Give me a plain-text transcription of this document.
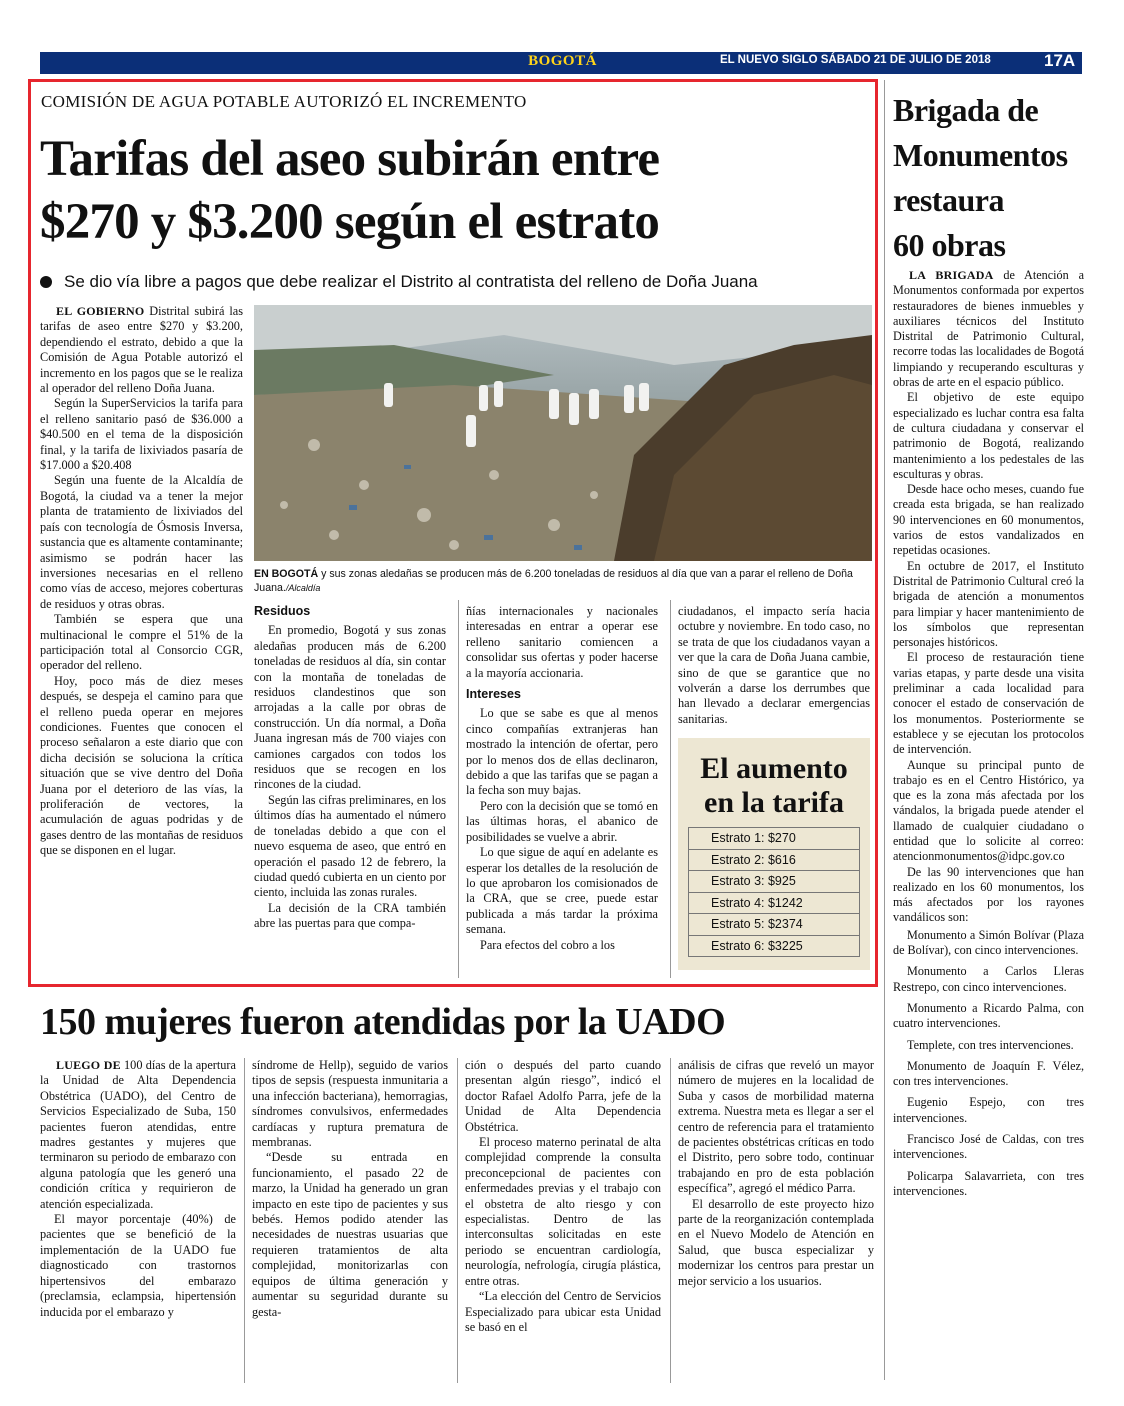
BOGOTÁ	EL NUEVO SIGLO SÁBADO 21 DE JULIO DE 2018	17A
COMISIÓN DE AGUA POTABLE AUTORIZÓ EL INCREMENTO
Tarifas del aseo subirán entre
$270 y $3.200 según el estrato
Se dio vía libre a pagos que debe realizar el Distrito al contratista del relleno de Doña Juana
EN BOGOTÁ y sus zonas aledañas se producen más de 6.200 toneladas de residuos al día que van a parar el relleno de Doña Juana./Alcaldía

EL GOBIERNO Distrital subirá las tarifas de aseo entre $270 y $3.200, dependiendo el estrato, debido a que la Comisión de Agua Potable autorizó el incremento en los pagos que se le realiza al operador del relleno Doña Juana.

Según la SuperServicios la tarifa para el relleno sanitario pasó de $36.000 a $40.500 en el tema de la disposición final, y la tarifa de lixiviados pasaría de $17.000 a $20.408

Según una fuente de la Alcaldía de Bogotá, la ciudad va a tener la mejor planta de tratamiento de lixiviados del país con tecnología de Ósmosis Inversa, sustancia que es altamente contaminante; asimismo se podrán hacer las inversiones necesarias en el relleno como vías de acceso, mejores coberturas de residuos y otras obras.

También se espera que una multinacional le compre el 51% de la participación total al Consorcio CGR, operador del relleno.

Hoy, poco más de diez meses después, se despeja el camino para que el relleno pueda operar en mejores condiciones. Fuentes que conocen el proceso señalaron a este diario que con dicha decisión se soluciona la crítica situación que se vive dentro del Doña Juana por el deterioro de las vías, la proliferación de vectores, la acumulación de aguas podridas y de gases dentro de las montañas de residuos que se disponen en el lugar.

Residuos

En promedio, Bogotá y sus zonas aledañas producen más de 6.200 toneladas de residuos al día, sin contar con la montaña de toneladas de residuos clandestinos que son arrojadas a la calle por obras de construcción. Un día normal, a Doña Juana ingresan más de 700 viajes con camiones cargados con todos los residuos que se recogen en los rincones de la ciudad.

Según las cifras preliminares, en los últimos días ha aumentado el número de toneladas debido a que con el nuevo esquema de aseo, que entró en operación el pasado 12 de febrero, la ciudad quedó cubierta en un ciento por ciento, incluida las zonas rurales.

La decisión de la CRA también abre las puertas para que compa-

ñías internacionales y nacionales interesadas en entrar a operar ese relleno sanitario comiencen a consolidar sus ofertas y poder hacerse a la mayoría accionaria.

Intereses

Lo que se sabe es que al menos cinco compañías extranjeras han mostrado la intención de ofertar, pero por lo menos dos de ellas declinaron, debido a que las tarifas que se pagan a la fecha son muy bajas.

Pero con la decisión que se tomó en las últimas horas, el abanico de posibilidades se vuelve a abrir.

Lo que sigue de aquí en adelante es esperar los detalles de la resolución de lo que aprobaron los comisionados de la CRA, que se cree, puede estar publicada a más tardar la próxima semana.

Para efectos del cobro a los

ciudadanos, el impacto sería hacia octubre y noviembre. En todo caso, no se trata de que los ciudadanos vayan a ver que la cara de Doña Juana cambie, sino de que se garantice que no volverán a darse los derrumbes que han llevado a declarar emergencias sanitarias.

El aumento
en la tarifa
Estrato 1: $270
Estrato 2: $616
Estrato 3: $925
Estrato 4: $1242
Estrato 5: $2374
Estrato 6: $3225
150 mujeres fueron atendidas por la UADO

LUEGO DE 100 días de la apertura la Unidad de Alta Dependencia Obstétrica (UADO), del Centro de Servicios Especializado de Suba, 150 pacientes fueron atendidas, entre madres gestantes y mujeres que terminaron su periodo de embarazo con alguna patología que les generó una condición crítica y requirieron de atención especializada.

El mayor porcentaje (40%) de pacientes que se benefició de la implementación de la UADO fue diagnosticado con trastornos hipertensivos del embarazo (preclamsia, eclampsia, hipertensión inducida por el embarazo y

síndrome de Hellp), seguido de varios tipos de sepsis (respuesta inmunitaria a una infección bacteriana), hemorragias, síndromes convulsivos, enfermedades cardíacas y ruptura prematura de membranas.

“Desde su entrada en funcionamiento, el pasado 22 de marzo, la Unidad ha generado un gran impacto en este tipo de pacientes y sus bebés. Hemos podido atender las necesidades de nuestras usuarias que requieren tratamientos de alta complejidad, monitorizarlas con equipos de última generación y aumentar su seguridad durante su gesta-

ción o después del parto cuando presentan algún riesgo”, indicó el doctor Rafael Adolfo Parra, jefe de la Unidad de Alta Dependencia Obstétrica.

El proceso materno perinatal de alta complejidad comprende la consulta preconcepcional de pacientes con enfermedades previas y el trabajo con el obstetra de alto riesgo y con especialistas. Dentro de las interconsultas solicitadas en este periodo se encuentran cardiología, neurología, nefrología, cirugía plástica, entre otras.

“La elección del Centro de Servicios Especializado para ubicar esta Unidad se basó en el

análisis de cifras que reveló un mayor número de mujeres en la localidad de Suba y casos de morbilidad materna extrema. Nuestra meta es llegar a ser el centro de referencia para el tratamiento de pacientes obstétricas críticas en todo el Distrito, pero sobre todo, continuar trabajando en pro de esta población específica”, agregó el médico Parra.

El desarrollo de este proyecto hizo parte de la reorganización contemplada en el Nuevo Modelo de Atención en Salud, que busca especializar y modernizar los centros para prestar un mejor servicio a los usuarios.

Brigada de
Monumentos
restaura
60 obras

LA BRIGADA de Atención a Monumentos conformada por expertos restauradores de bienes inmuebles y auxiliares técnicos del Instituto Distrital de Patrimonio Cultural, recorre todas las localidades de Bogotá limpiando y recuperando esculturas y obras de arte en el espacio público.

El objetivo de este equipo especializado es luchar contra esa falta de cultura ciudadana y conservar el patrimonio de Bogotá, realizando mantenimiento a los pedestales de las esculturas y obras.

Desde hace ocho meses, cuando fue creada esta brigada, se han realizado 90 intervenciones en 60 monumentos, varios de estos vandalizados en repetidas ocasiones.

En octubre de 2017, el Instituto Distrital de Patrimonio Cultural creó la brigada de atención a monumentos para limpiar y hacer mantenimiento de los símbolos que representan personajes históricos.

El proceso de restauración tiene varias etapas, y parte desde una visita preliminar a cada localidad para conocer el estado de conservación de los monumentos. Posteriormente se establece y se ejecutan los protocolos de intervención.

Aunque su principal punto de trabajo es en el Centro Histórico, ya que es la zona más afectada por los vándalos, la brigada puede atender el llamado de cualquier ciudadano o entidad que lo solicite al correo: atencionmonumentos@idpc.gov.co

De las 90 intervenciones que han realizado en los 60 monumentos, los más afectados por los rayones vandálicos son:

Monumento a Simón Bolívar (Plaza de Bolívar), con cinco intervenciones.

Monumento a Carlos Lleras Restrepo, con cinco intervenciones.

Monumento a Ricardo Palma, con cuatro intervenciones.

Templete, con tres intervenciones.

Monumento de Joaquín F. Vélez, con tres intervenciones.

Eugenio Espejo, con tres intervenciones.

Francisco José de Caldas, con tres intervenciones.

Policarpa Salavarrieta, con tres intervenciones.
